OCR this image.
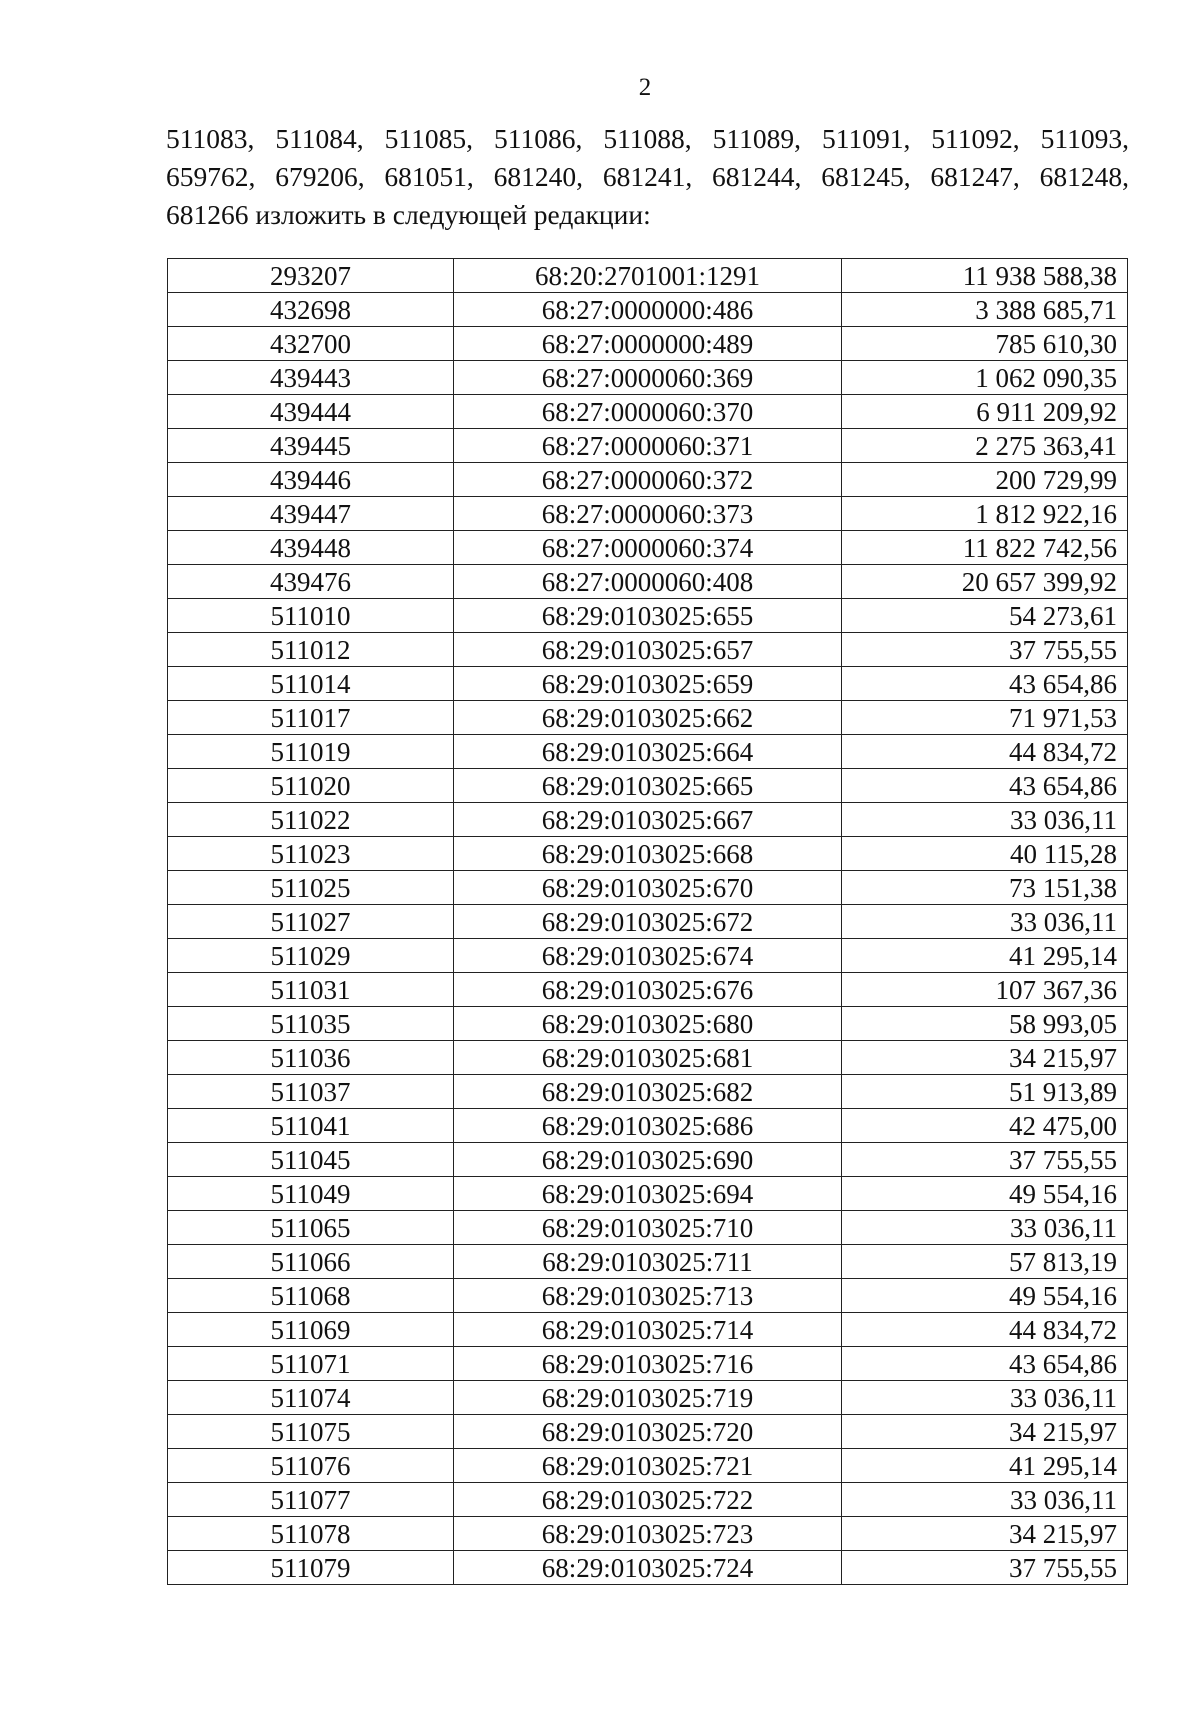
2
511083, 511084, 511085, 511086, 511088, 511089, 511091, 511092, 511093,
659762, 679206, 681051, 681240, 681241, 681244, 681245, 681247, 681248,
681266 изложить в следующей редакции:
293207	68:20:2701001:1291	11 938 588,38
432698	68:27:0000000:486	3 388 685,71
432700	68:27:0000000:489	785 610,30
439443	68:27:0000060:369	1 062 090,35
439444	68:27:0000060:370	6 911 209,92
439445	68:27:0000060:371	2 275 363,41
439446	68:27:0000060:372	200 729,99
439447	68:27:0000060:373	1 812 922,16
439448	68:27:0000060:374	11 822 742,56
439476	68:27:0000060:408	20 657 399,92
511010	68:29:0103025:655	54 273,61
511012	68:29:0103025:657	37 755,55
511014	68:29:0103025:659	43 654,86
511017	68:29:0103025:662	71 971,53
511019	68:29:0103025:664	44 834,72
511020	68:29:0103025:665	43 654,86
511022	68:29:0103025:667	33 036,11
511023	68:29:0103025:668	40 115,28
511025	68:29:0103025:670	73 151,38
511027	68:29:0103025:672	33 036,11
511029	68:29:0103025:674	41 295,14
511031	68:29:0103025:676	107 367,36
511035	68:29:0103025:680	58 993,05
511036	68:29:0103025:681	34 215,97
511037	68:29:0103025:682	51 913,89
511041	68:29:0103025:686	42 475,00
511045	68:29:0103025:690	37 755,55
511049	68:29:0103025:694	49 554,16
511065	68:29:0103025:710	33 036,11
511066	68:29:0103025:711	57 813,19
511068	68:29:0103025:713	49 554,16
511069	68:29:0103025:714	44 834,72
511071	68:29:0103025:716	43 654,86
511074	68:29:0103025:719	33 036,11
511075	68:29:0103025:720	34 215,97
511076	68:29:0103025:721	41 295,14
511077	68:29:0103025:722	33 036,11
511078	68:29:0103025:723	34 215,97
511079	68:29:0103025:724	37 755,55
